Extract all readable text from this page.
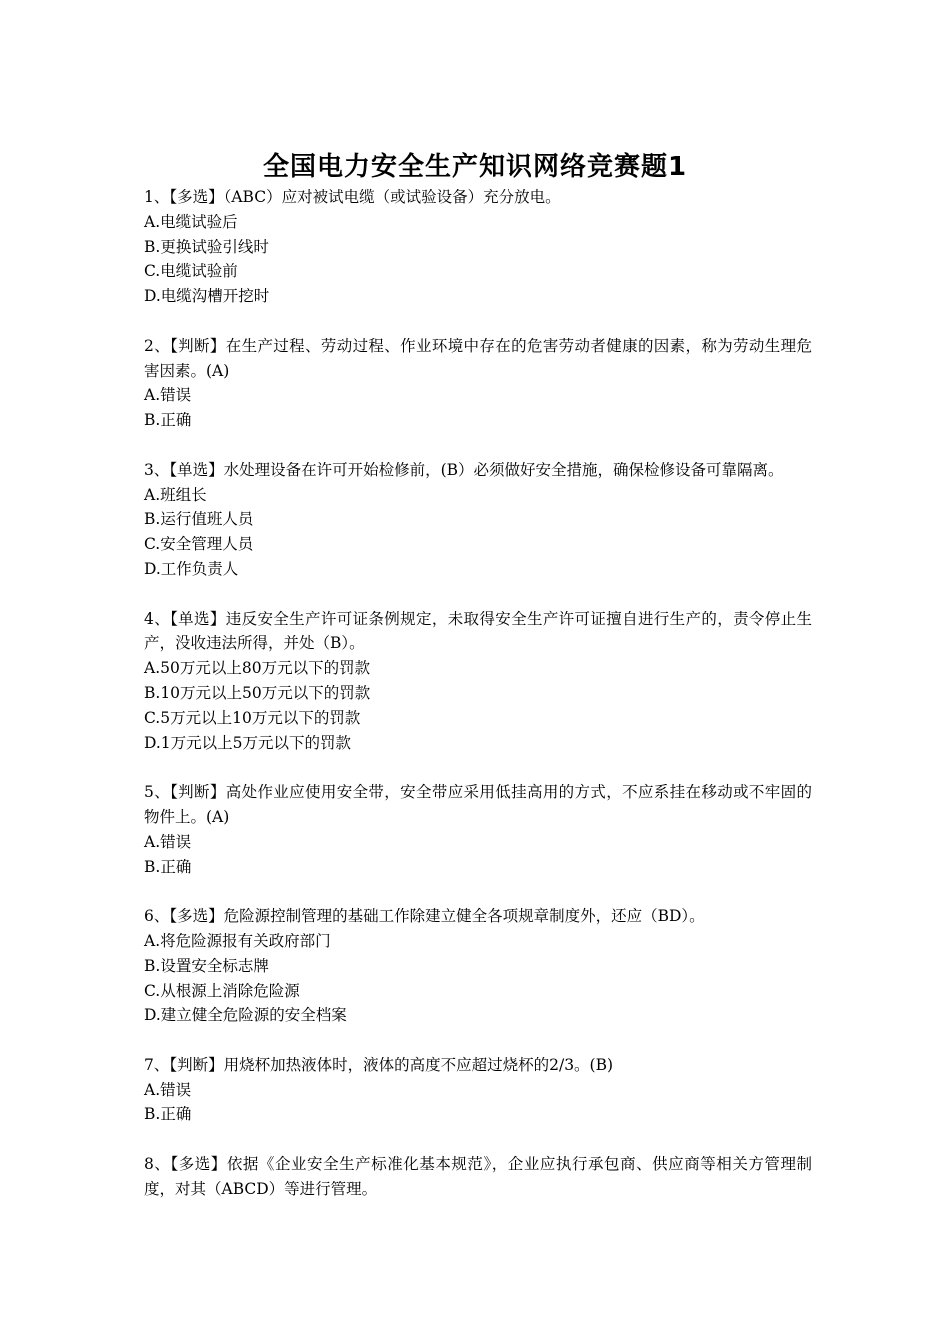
全国电力安全生产知识网络竞赛题1

1、【多选】（ABC）应对被试电缆（或试验设备）充分放电。

A.电缆试验后

B.更换试验引线时

C.电缆试验前

D.电缆沟槽开挖时

2、【判断】在生产过程、劳动过程、作业环境中存在的危害劳动者健康的因素，称为劳动生理危害因素。(A)

A.错误

B.正确

3、【单选】水处理设备在许可开始检修前，(B）必须做好安全措施，确保检修设备可靠隔离。

A.班组长

B.运行值班人员

C.安全管理人员

D.工作负责人

4、【单选】违反安全生产许可证条例规定，未取得安全生产许可证擅自进行生产的，责令停止生产，没收违法所得，并处（B）。

A.50万元以上80万元以下的罚款

B.10万元以上50万元以下的罚款

C.5万元以上10万元以下的罚款

D.1万元以上5万元以下的罚款

5、【判断】高处作业应使用安全带，安全带应采用低挂高用的方式，不应系挂在移动或不牢固的物件上。(A)

A.错误

B.正确

6、【多选】危险源控制管理的基础工作除建立健全各项规章制度外，还应（BD）。

A.将危险源报有关政府部门

B.设置安全标志牌

C.从根源上消除危险源

D.建立健全危险源的安全档案

7、【判断】用烧杯加热液体时，液体的高度不应超过烧杯的2/3。(B)

A.错误

B.正确

8、【多选】依据《企业安全生产标准化基本规范》，企业应执行承包商、供应商等相关方管理制度，对其（ABCD）等进行管理。
